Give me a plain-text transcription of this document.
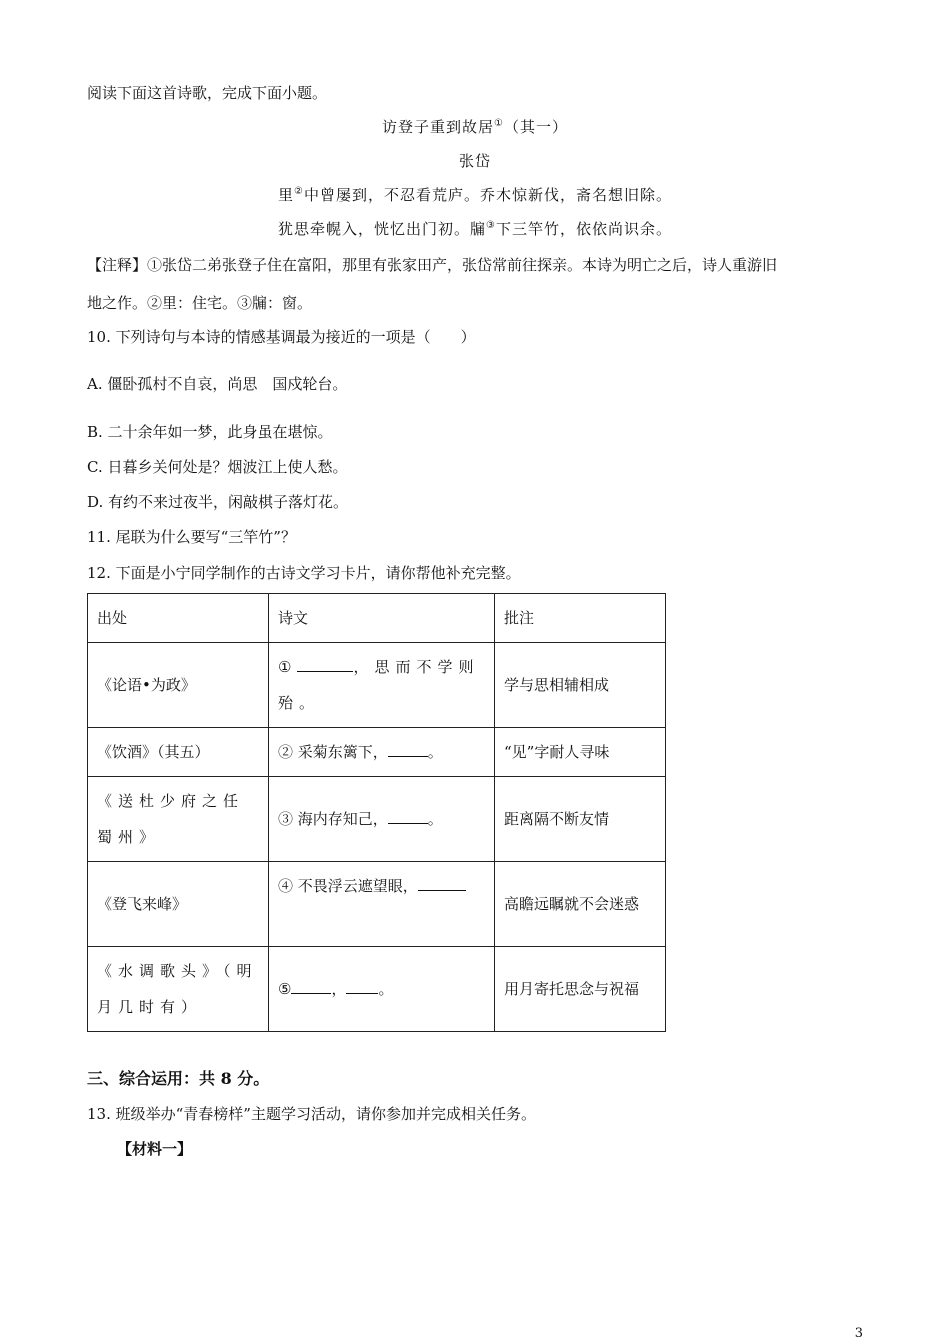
阅读下面这首诗歌，完成下面小题。
访登子重到故居①（其一）
张岱
里②中曾屡到，不忍看荒庐。乔木惊新伐，斋名想旧除。
犹思牵幌入，恍忆出门初。牖③下三竿竹，依依尚识余。
【注释】①张岱二弟张登子住在富阳，那里有张家田产，张岱常前往探亲。本诗为明亡之后，诗人重游旧
地之作。②里：住宅。③牖：窗。
10. 下列诗句与本诗的情感基调最为接近的一项是（　　）
A. 僵卧孤村不自哀，尚思　国戍轮台。
B. 二十余年如一梦，此身虽在堪惊。
C. 日暮乡关何处是？烟波江上使人愁。
D. 有约不来过夜半，闲敲棋子落灯花。
11. 尾联为什么要写“三竿竹”？
12. 下面是小宁同学制作的古诗文学习卡片，请你帮他补充完整。
出处	诗文	批注
《论语•为政》	① ，思而不学则殆。	学与思相辅相成
《饮酒》（其五）	② 采菊东篱下， 。	“见”字耐人寻味
《送杜少府之任蜀州》	③ 海内存知己， 。	距离隔不断友情
《登飞来峰》	④ 不畏浮云遮望眼，	高瞻远瞩就不会迷惑
《水调歌头》（明月几时有）	⑤ ， 。	用月寄托思念与祝福
三、综合运用：共 8 分。
13. 班级举办“青春榜样”主题学习活动，请你参加并完成相关任务。
【材料一】
3
